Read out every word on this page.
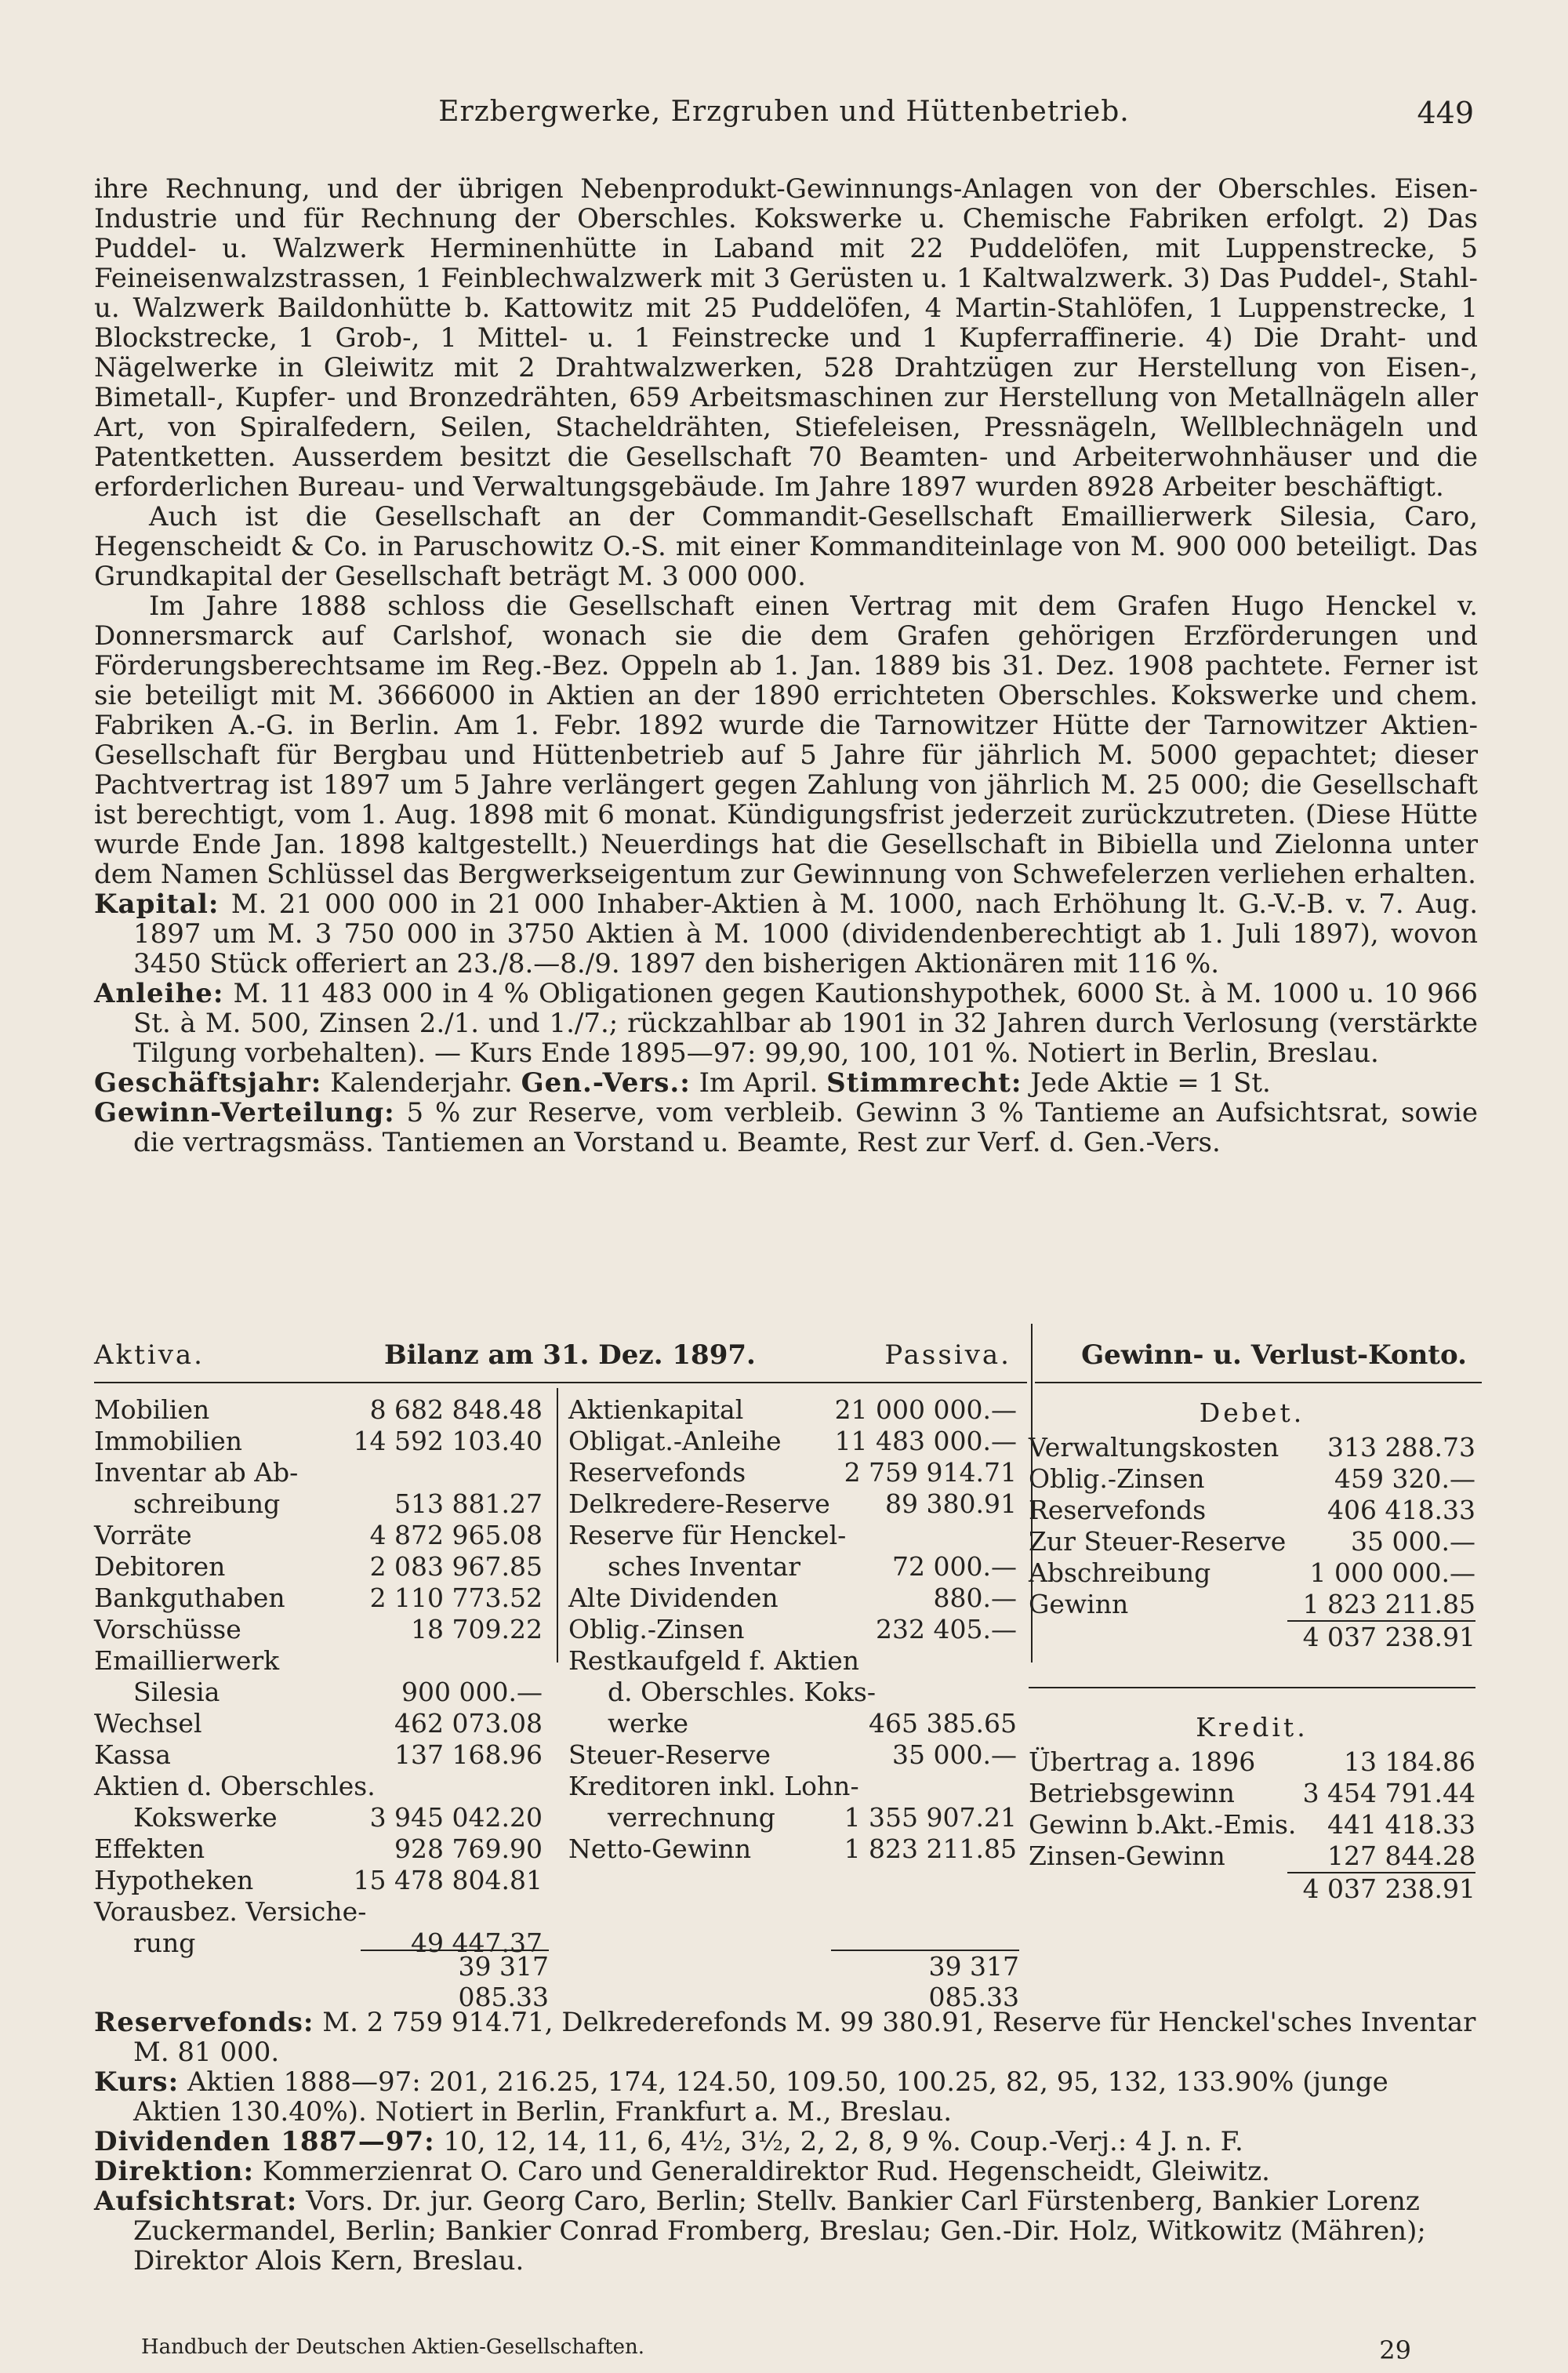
Erzbergwerke, Erzgruben und Hüttenbetrieb.	449

ihre Rechnung, und der übrigen Nebenprodukt-Gewinnungs-Anlagen von der Oberschles. Eisen-Industrie und für Rechnung der Oberschles. Kokswerke u. Chemische Fabriken erfolgt. 2) Das Puddel- u. Walzwerk Herminenhütte in Laband mit 22 Puddelöfen, mit Luppenstrecke, 5 Feineisenwalzstrassen, 1 Feinblechwalzwerk mit 3 Gerüsten u. 1 Kaltwalzwerk. 3) Das Puddel-, Stahl- u. Walzwerk Baildonhütte b. Kattowitz mit 25 Puddelöfen, 4 Martin-Stahlöfen, 1 Luppenstrecke, 1 Blockstrecke, 1 Grob-, 1 Mittel- u. 1 Feinstrecke und 1 Kupferraffinerie. 4) Die Draht- und Nägelwerke in Gleiwitz mit 2 Drahtwalzwerken, 528 Drahtzügen zur Herstellung von Eisen-, Bimetall-, Kupfer- und Bronzedrähten, 659 Arbeitsmaschinen zur Herstellung von Metallnägeln aller Art, von Spiralfedern, Seilen, Stacheldrähten, Stiefeleisen, Pressnägeln, Wellblechnägeln und Patentketten. Ausserdem besitzt die Gesellschaft 70 Beamten- und Arbeiterwohnhäuser und die erforderlichen Bureau- und Verwaltungsgebäude. Im Jahre 1897 wurden 8928 Arbeiter beschäftigt.

Auch ist die Gesellschaft an der Commandit-Gesellschaft Emaillierwerk Silesia, Caro, Hegenscheidt & Co. in Paruschowitz O.-S. mit einer Kommanditeinlage von M. 900 000 beteiligt. Das Grundkapital der Gesellschaft beträgt M. 3 000 000.

Im Jahre 1888 schloss die Gesellschaft einen Vertrag mit dem Grafen Hugo Henckel v. Donnersmarck auf Carlshof, wonach sie die dem Grafen gehörigen Erzförderungen und Förderungsberechtsame im Reg.-Bez. Oppeln ab 1. Jan. 1889 bis 31. Dez. 1908 pachtete. Ferner ist sie beteiligt mit M. 3666000 in Aktien an der 1890 errichteten Oberschles. Kokswerke und chem. Fabriken A.-G. in Berlin. Am 1. Febr. 1892 wurde die Tarnowitzer Hütte der Tarnowitzer Aktien-Gesellschaft für Bergbau und Hüttenbetrieb auf 5 Jahre für jährlich M. 5000 gepachtet; dieser Pachtvertrag ist 1897 um 5 Jahre verlängert gegen Zahlung von jährlich M. 25 000; die Gesellschaft ist berechtigt, vom 1. Aug. 1898 mit 6 monat. Kündigungsfrist jederzeit zurückzutreten. (Diese Hütte wurde Ende Jan. 1898 kaltgestellt.) Neuerdings hat die Gesellschaft in Bibiella und Zielonna unter dem Namen Schlüssel das Bergwerkseigentum zur Gewinnung von Schwefelerzen verliehen erhalten.

Kapital: M. 21 000 000 in 21 000 Inhaber-Aktien à M. 1000, nach Erhöhung lt. G.-V.-B. v. 7. Aug. 1897 um M. 3 750 000 in 3750 Aktien à M. 1000 (dividendenberechtigt ab 1. Juli 1897), wovon 3450 Stück offeriert an 23./8.—8./9. 1897 den bisherigen Aktionären mit 116 %.

Anleihe: M. 11 483 000 in 4 % Obligationen gegen Kautionshypothek, 6000 St. à M. 1000 u. 10 966 St. à M. 500, Zinsen 2./1. und 1./7.; rückzahlbar ab 1901 in 32 Jahren durch Verlosung (verstärkte Tilgung vorbehalten). — Kurs Ende 1895—97: 99,90, 100, 101 %. Notiert in Berlin, Breslau.

Geschäftsjahr: Kalenderjahr. Gen.-Vers.: Im April. Stimmrecht: Jede Aktie = 1 St.

Gewinn-Verteilung: 5 % zur Reserve, vom verbleib. Gewinn 3 % Tantieme an Aufsichtsrat, sowie die vertragsmäss. Tantiemen an Vorstand u. Beamte, Rest zur Verf. d. Gen.-Vers.

Aktiva.	Bilanz am 31. Dez. 1897.	Passiva.	Gewinn- u. Verlust-Konto.
Mobilien	8 682 848.48
Immobilien	14 592 103.40
Inventar ab Ab-
schreibung	513 881.27
Vorräte	4 872 965.08
Debitoren	2 083 967.85
Bankguthaben	2 110 773.52
Vorschüsse	18 709.22
Emaillierwerk
Silesia	900 000.—
Wechsel	462 073.08
Kassa	137 168.96
Aktien d. Oberschles.
Kokswerke	3 945 042.20
Effekten	928 769.90
Hypotheken	15 478 804.81
Vorausbez. Versiche-
rung	49 447.37
Aktienkapital	21 000 000.—
Obligat.-Anleihe 11 483 000.—
Reservefonds	2 759 914.71
Delkredere-Reserve 89 380.91
Reserve für Henckel-
sches Inventar	72 000.—
Alte Dividenden	880.—
Oblig.-Zinsen	232 405.—
Restkaufgeld f. Aktien
d. Oberschles. Koks-
werke	465 385.65
Steuer-Reserve	35 000.—
Kreditoren inkl. Lohn-
verrechnung	1 355 907.21
Netto-Gewinn	1 823 211.85
39 317 085.33
39 317 085.33
Debet.
Verwaltungskosten 313 288.73
Oblig.-Zinsen	459 320.—
Reservefonds	406 418.33
Zur Steuer-Reserve	35 000.—
Abschreibung	1 000 000.—
Gewinn	1 823 211.85
4 037 238.91
Kredit.
Übertrag a. 1896	13 184.86
Betriebsgewinn	3 454 791.44
Gewinn b.Akt.-Emis. 441 418.33
Zinsen-Gewinn	127 844.28
4 037 238.91

Reservefonds: M. 2 759 914.71, Delkrederefonds M. 99 380.91, Reserve für Henckel'sches Inventar M. 81 000.

Kurs: Aktien 1888—97: 201, 216.25, 174, 124.50, 109.50, 100.25, 82, 95, 132, 133.90% (junge Aktien 130.40%). Notiert in Berlin, Frankfurt a. M., Breslau.

Dividenden 1887—97: 10, 12, 14, 11, 6, 4½, 3½, 2, 2, 8, 9 %. Coup.-Verj.: 4 J. n. F.

Direktion: Kommerzienrat O. Caro und Generaldirektor Rud. Hegenscheidt, Gleiwitz.

Aufsichtsrat: Vors. Dr. jur. Georg Caro, Berlin; Stellv. Bankier Carl Fürstenberg, Bankier Lorenz Zuckermandel, Berlin; Bankier Conrad Fromberg, Breslau; Gen.-Dir. Holz, Witkowitz (Mähren); Direktor Alois Kern, Breslau.

Handbuch der Deutschen Aktien-Gesellschaften.	29
